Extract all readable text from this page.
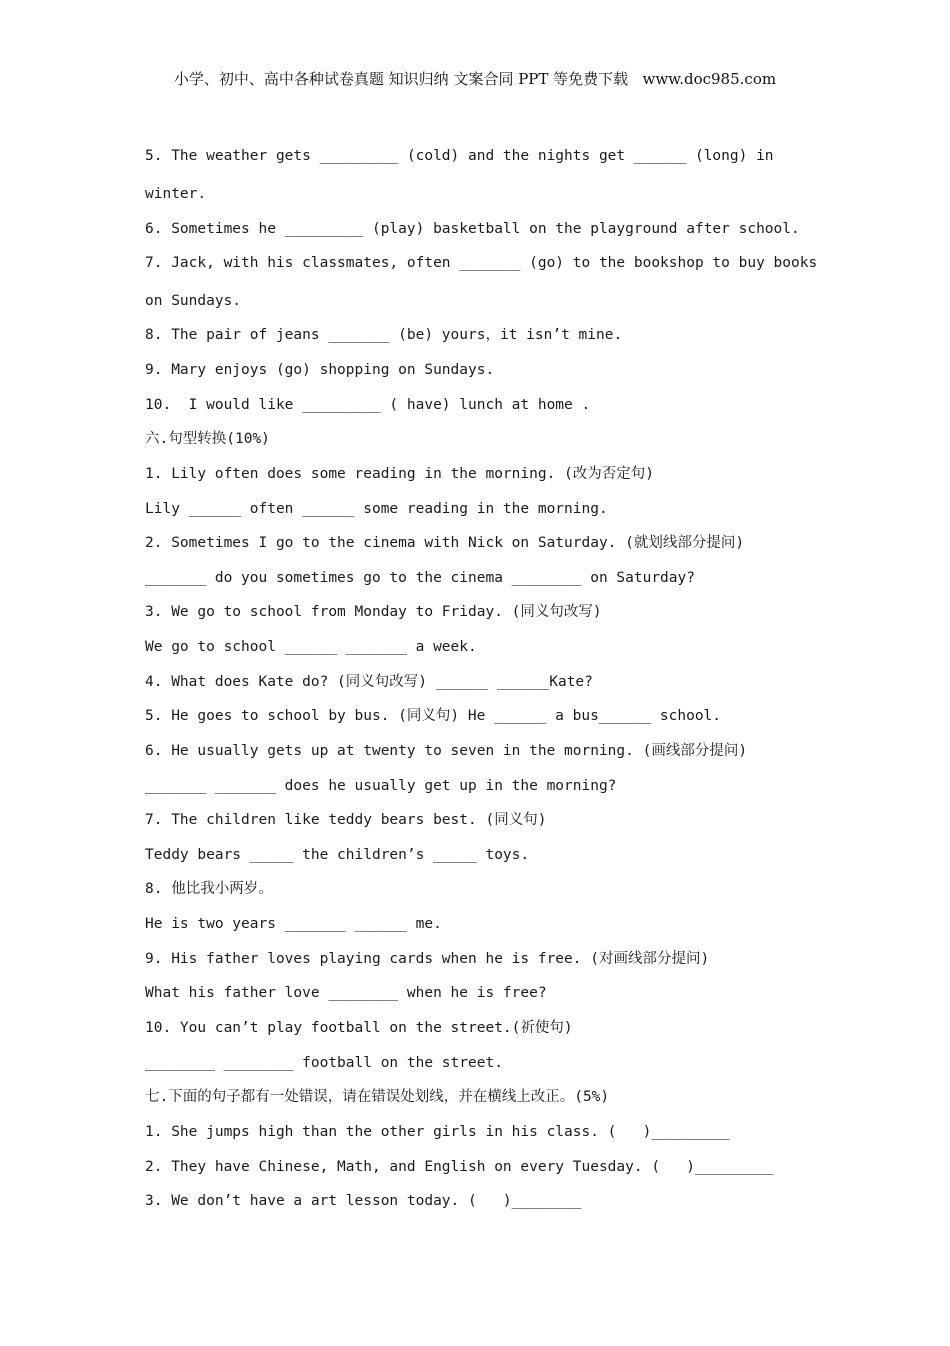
小学、初中、高中各种试卷真题 知识归纳 文案合同 PPT 等免费下载   www.doc985.com
5. The weather gets _________ (cold) and the nights get ______ (long) in
winter.
6. Sometimes he _________ (play) basketball on the playground after school.
7. Jack, with his classmates, often _______ (go) to the bookshop to buy books
on Sundays.
8. The pair of jeans _______ (be) yours，it isn’t mine.
9. Mary enjoys (go) shopping on Sundays.
10.  I would like _________ ( have) lunch at home .
六.句型转换(10%)
1. Lily often does some reading in the morning. (改为否定句)
Lily ______ often ______ some reading in the morning.
2. Sometimes I go to the cinema with Nick on Saturday. (就划线部分提问)
_______ do you sometimes go to the cinema ________ on Saturday?
3. We go to school from Monday to Friday. (同义句改写)
We go to school ______ _______ a week.
4. What does Kate do? (同义句改写) ______ ______Kate?
5. He goes to school by bus. (同义句) He ______ a bus______ school.
6. He usually gets up at twenty to seven in the morning. (画线部分提问)
_______ _______ does he usually get up in the morning?
7. The children like teddy bears best. (同义句)
Teddy bears _____ the children’s _____ toys.
8. 他比我小两岁。
He is two years _______ ______ me.
9. His father loves playing cards when he is free. (对画线部分提问)
What his father love ________ when he is free?
10. You can’t play football on the street.(祈使句)
________ ________ football on the street.
七.下面的句子都有一处错误，请在错误处划线，并在横线上改正。(5%)
1. She jumps high than the other girls in his class. (   )_________
2. They have Chinese, Math, and English on every Tuesday. (   )_________
3. We don’t have a art lesson today. (   )________
